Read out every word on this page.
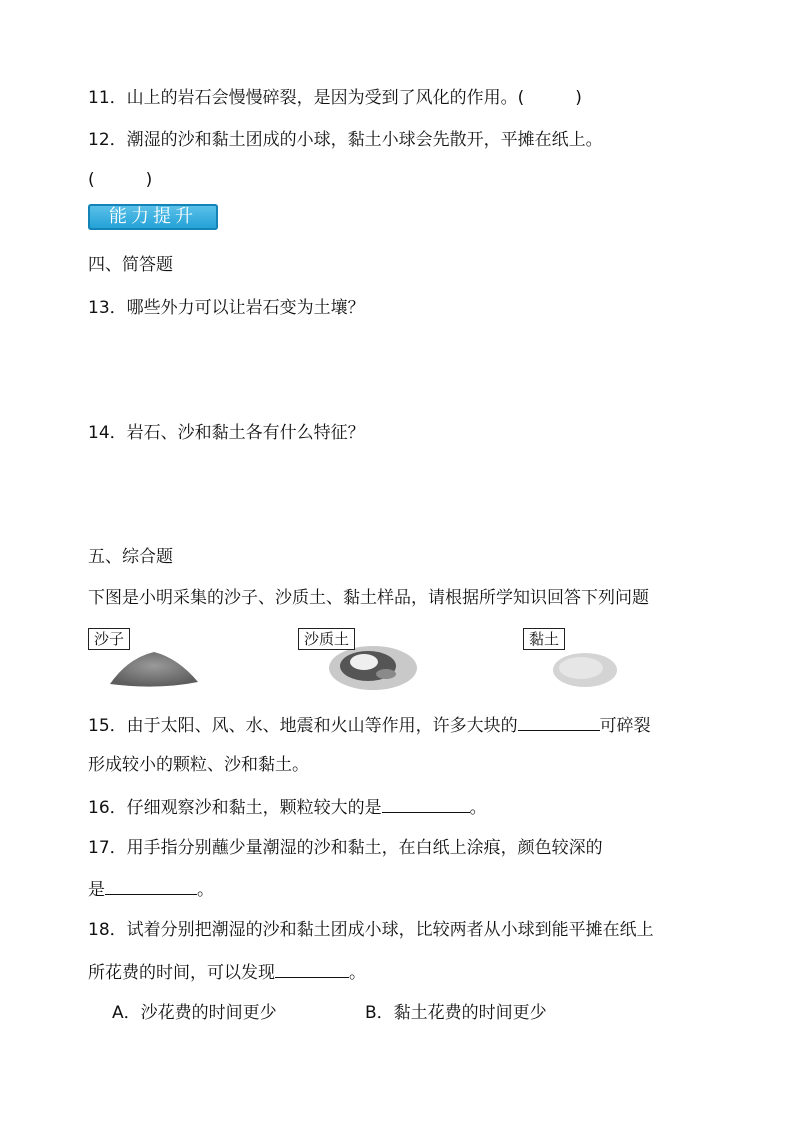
11．山上的岩石会慢慢碎裂，是因为受到了风化的作用。(　　　)
12．潮湿的沙和黏土团成的小球，黏土小球会先散开，平摊在纸上。
(　　　)
能力提升
四、简答题
13．哪些外力可以让岩石变为土壤？
14．岩石、沙和黏土各有什么特征？
五、综合题
下图是小明采集的沙子、沙质土、黏土样品，请根据所学知识回答下列问题
沙子	沙质土	黏土
15．由于太阳、风、水、地震和火山等作用，许多大块的	可碎裂
形成较小的颗粒、沙和黏土。
16．仔细观察沙和黏土，颗粒较大的是	。
17．用手指分别蘸少量潮湿的沙和黏土，在白纸上涂痕，颜色较深的
是	。
18．试着分别把潮湿的沙和黏土团成小球，比较两者从小球到能平摊在纸上
所花费的时间，可以发现	。
A．沙花费的时间更少	B．黏土花费的时间更少
